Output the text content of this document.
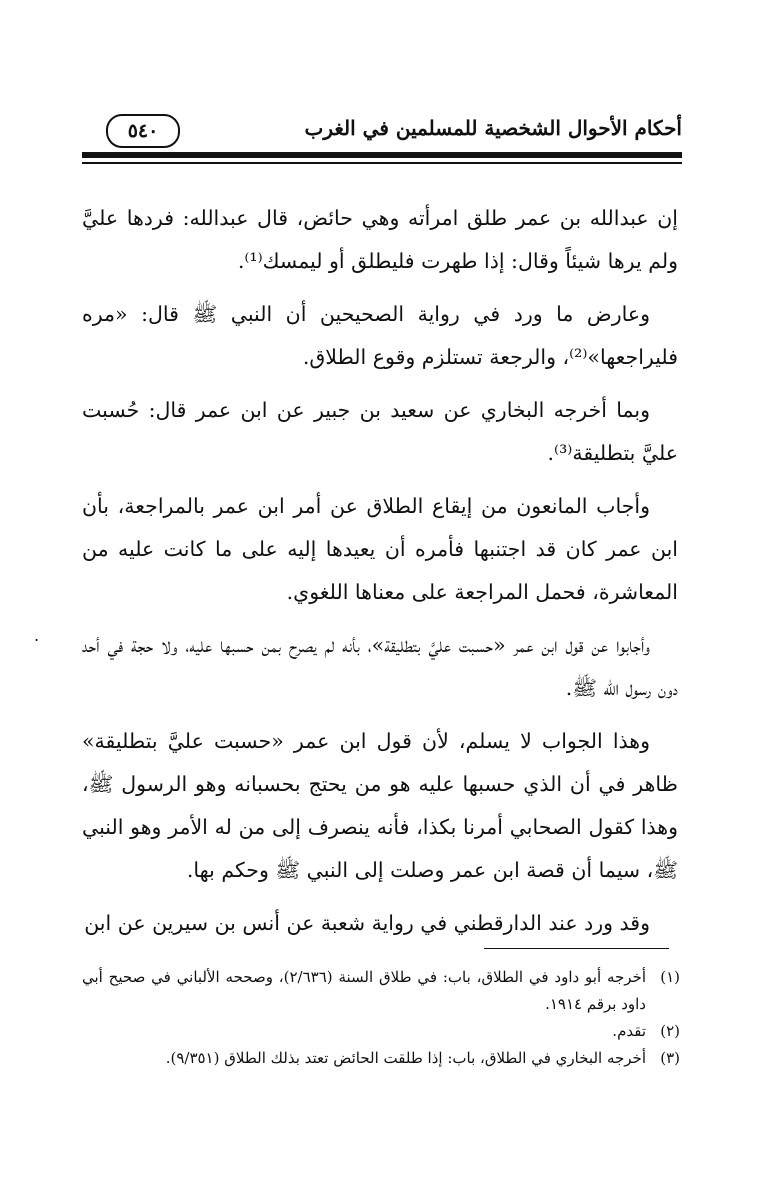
٥٤٠	أحكام الأحوال الشخصية للمسلمين في الغرب

إن عبدالله بن عمر طلق امرأته وهي حائض، قال عبدالله: فردها عليَّ ولم يرها شيئاً وقال: إذا طهرت فليطلق أو ليمسك⁽¹⁾.

وعارض ما ورد في رواية الصحيحين أن النبي ﷺ قال: «مره فليراجعها»⁽²⁾، والرجعة تستلزم وقوع الطلاق.

وبما أخرجه البخاري عن سعيد بن جبير عن ابن عمر قال: حُسبت عليَّ بتطليقة⁽³⁾.

وأجاب المانعون من إيقاع الطلاق عن أمر ابن عمر بالمراجعة، بأن ابن عمر كان قد اجتنبها فأمره أن يعيدها إليه على ما كانت عليه من المعاشرة، فحمل المراجعة على معناها اللغوي.

وأجابوا عن قول ابن عمر «حسبت عليَّ بتطليقة»، بأنه لم يصرح بمن حسبها عليه، ولا حجة في أحد دون رسول الله ﷺ.

وهذا الجواب لا يسلم، لأن قول ابن عمر «حسبت عليَّ بتطليقة» ظاهر في أن الذي حسبها عليه هو من يحتج بحسبانه وهو الرسول ﷺ، وهذا كقول الصحابي أمرنا بكذا، فأنه ينصرف إلى من له الأمر وهو النبي ﷺ، سيما أن قصة ابن عمر وصلت إلى النبي ﷺ وحكم بها.

وقد ورد عند الدارقطني في رواية شعبة عن أنس بن سيرين عن ابن

.

(١)
أخرجه أبو داود في الطلاق، باب: في طلاق السنة (٢/٦٣٦)، وصححه الألباني في صحيح أبي داود برقم ١٩١٤.

(٢)
تقدم.

(٣)
أخرجه البخاري في الطلاق، باب: إذا طلقت الحائض تعتد بذلك الطلاق (٩/٣٥١).
